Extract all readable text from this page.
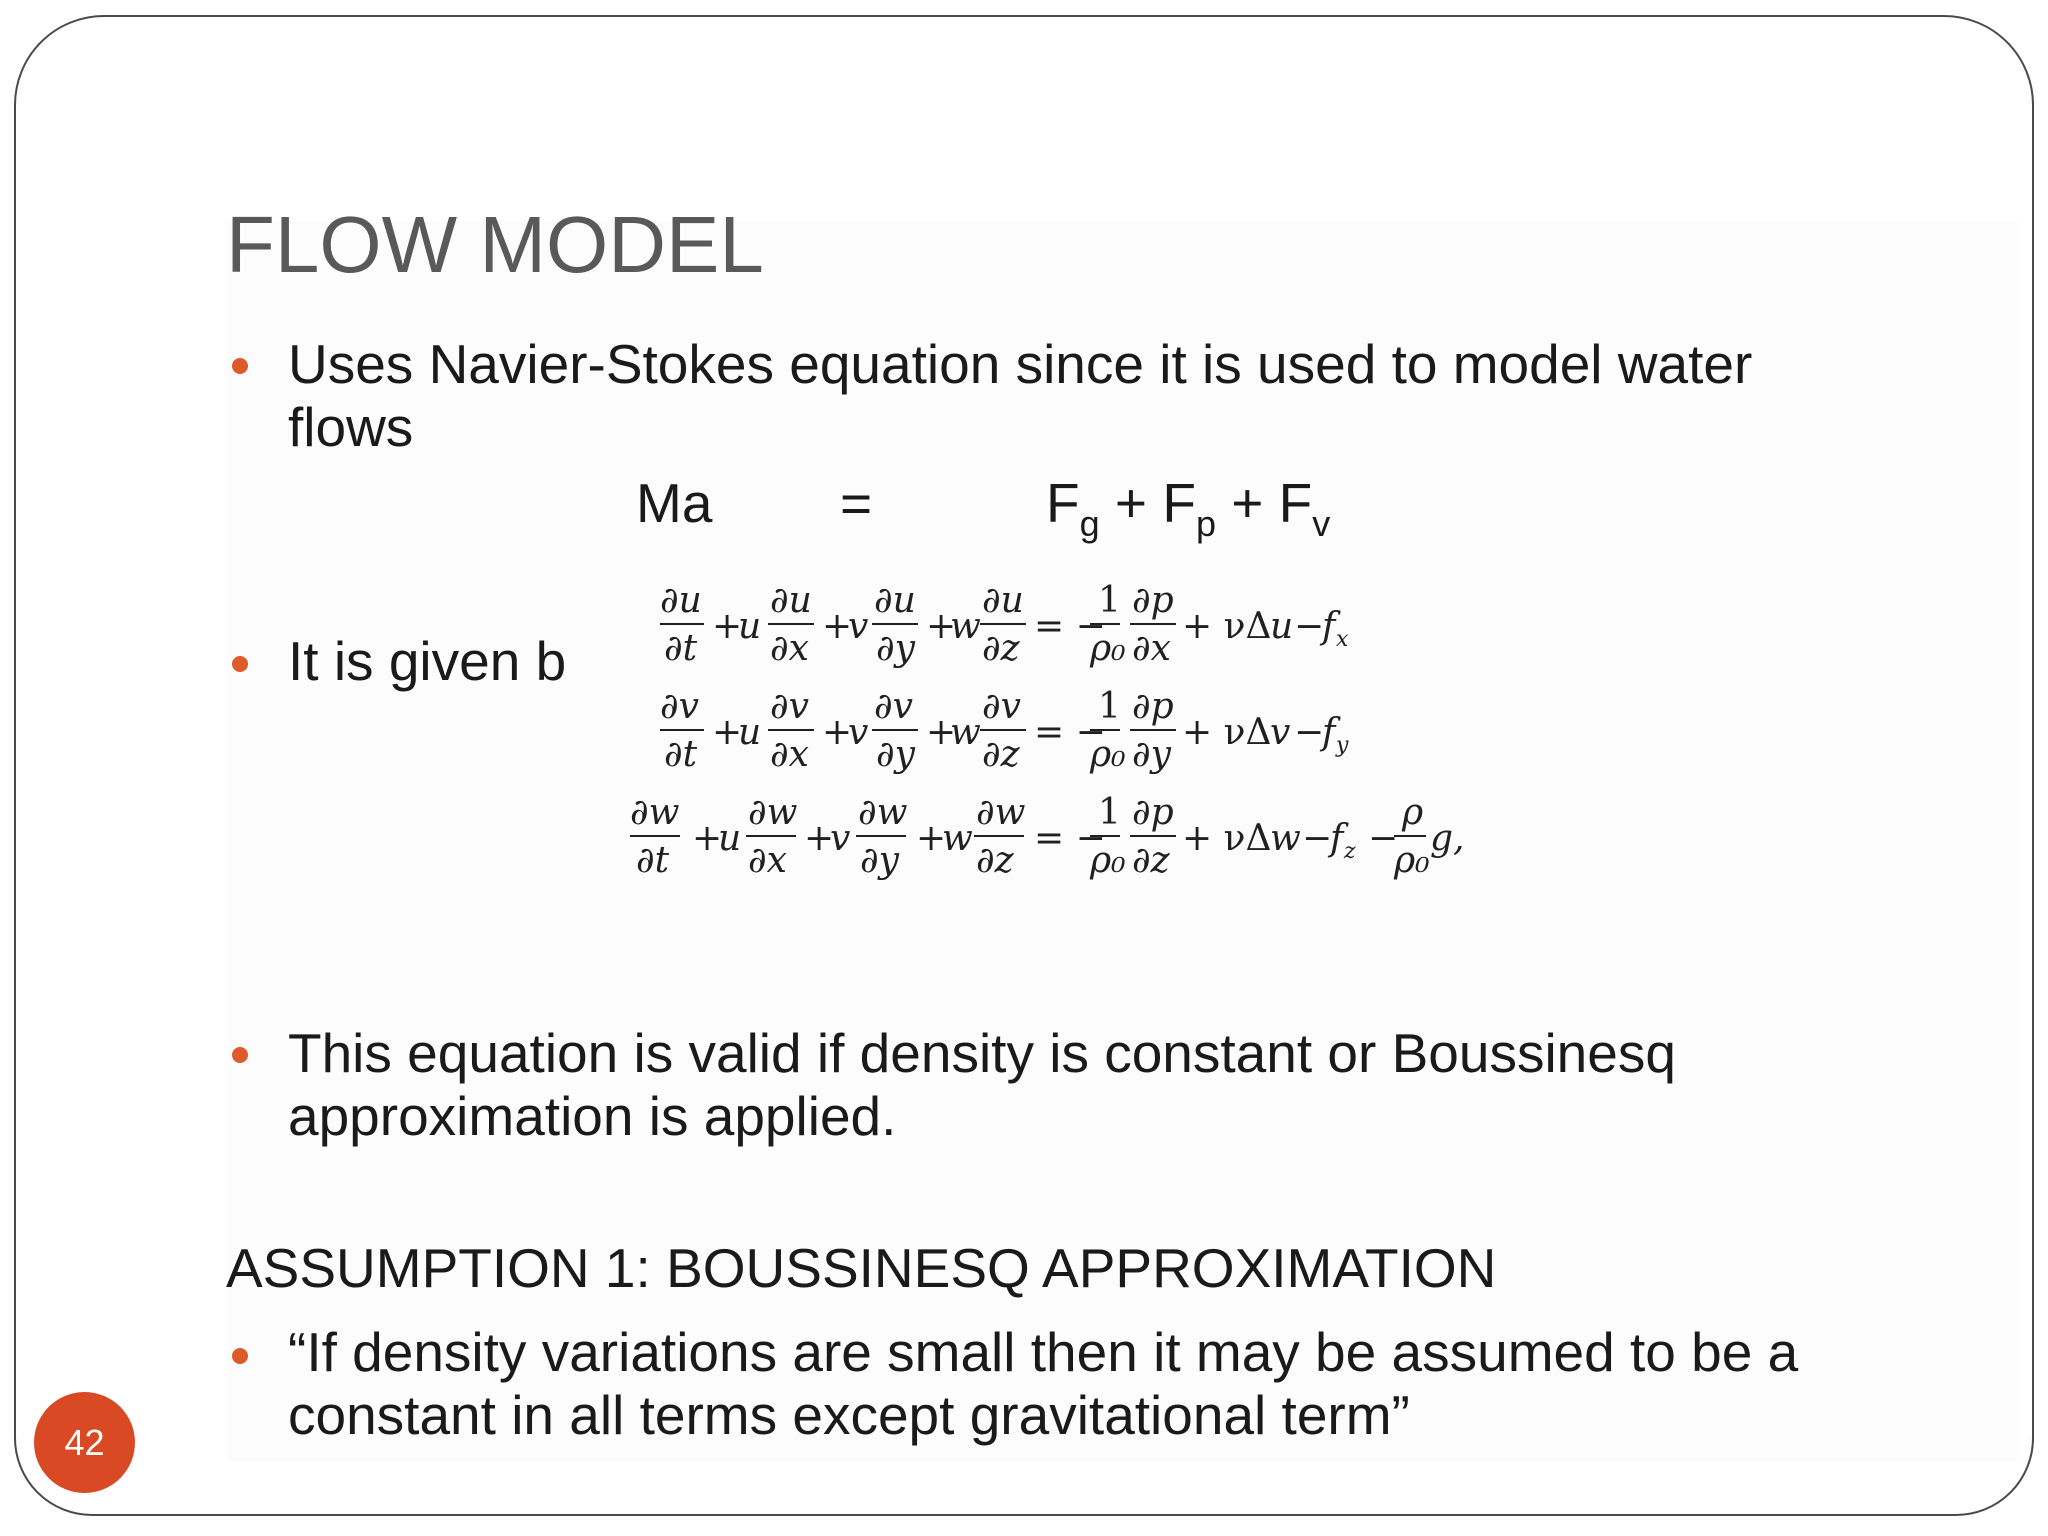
FLOW MODEL
Uses Navier-Stokes equation since it is used to model water
flows
Ma =	$F_g + F_p + F_v$
It is given b
∂u
∂t
+
u
∂u
∂x
+
v
∂u
∂y
+
w
∂u
∂z
= −
1
ρ₀
∂p
∂x
+ νΔ
u −
f x
∂v
∂t
+
u
∂v
∂x
+
v
∂v
∂y
+
w
∂v
∂z
= −
1
ρ₀
∂p
∂y
+ νΔ
v −
f y
∂w
∂t
+
u
∂w
∂x
+
v
∂w
∂y
+
w
∂w
∂z
= −
1
ρ₀
∂p
∂z
+ νΔ
w −
f z −
ρ
ρ₀
g,
This equation is valid if density is constant or Boussinesq
approximation is applied.
ASSUMPTION 1: BOUSSINESQ APPROXIMATION
“If density variations are small then it may be assumed to be a
constant in all terms except gravitational term”
42
